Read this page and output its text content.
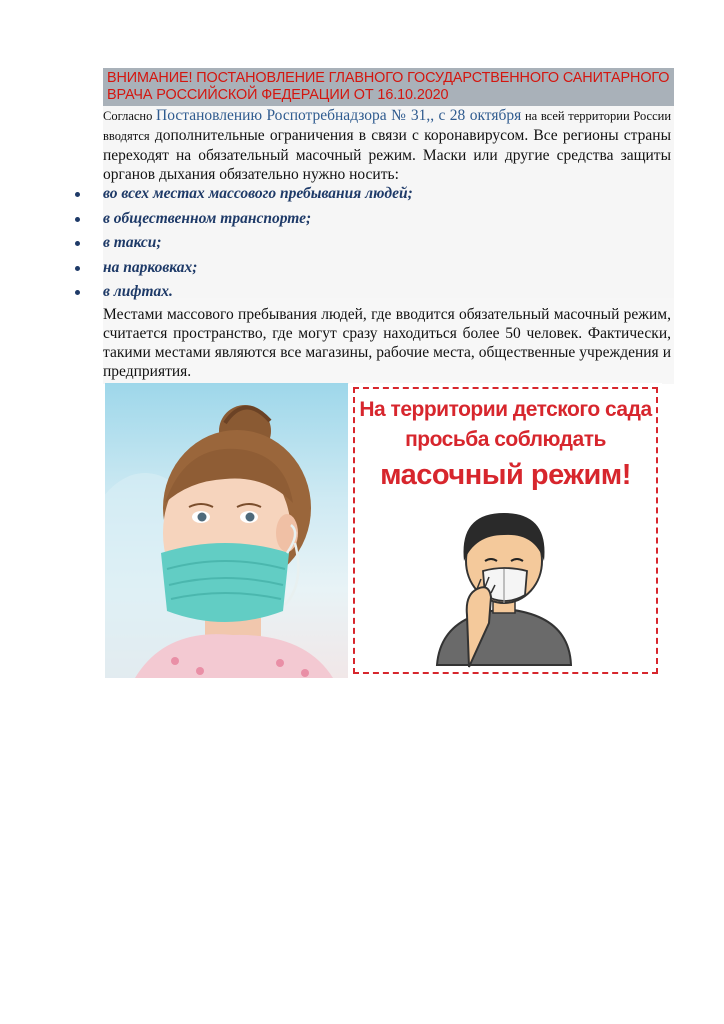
ВНИМАНИЕ! ПОСТАНОВЛЕНИЕ ГЛАВНОГО ГОСУДАРСТВЕННОГО САНИТАРНОГО
ВРАЧА РОССИЙСКОЙ ФЕДЕРАЦИИ ОТ 16.10.2020
Согласно Постановлению Роспотребнадзора № 31,, с 28 октября на всей территории России вводятся дополнительные ограничения в связи с коронавирусом. Все регионы страны переходят на обязательный масочный режим. Маски или другие средства защиты органов дыхания обязательно нужно носить:
во всех местах массового пребывания людей;
в общественном транспорте;
в такси;
на парковках;
в лифтах.
Местами массового пребывания людей, где вводится обязательный масочный режим, считается пространство, где могут сразу находиться более 50 человек. Фактически, такими местами являются все магазины, рабочие места, общественные учреждения и предприятия.
На территории детского сада
просьба соблюдать
масочный режим!
